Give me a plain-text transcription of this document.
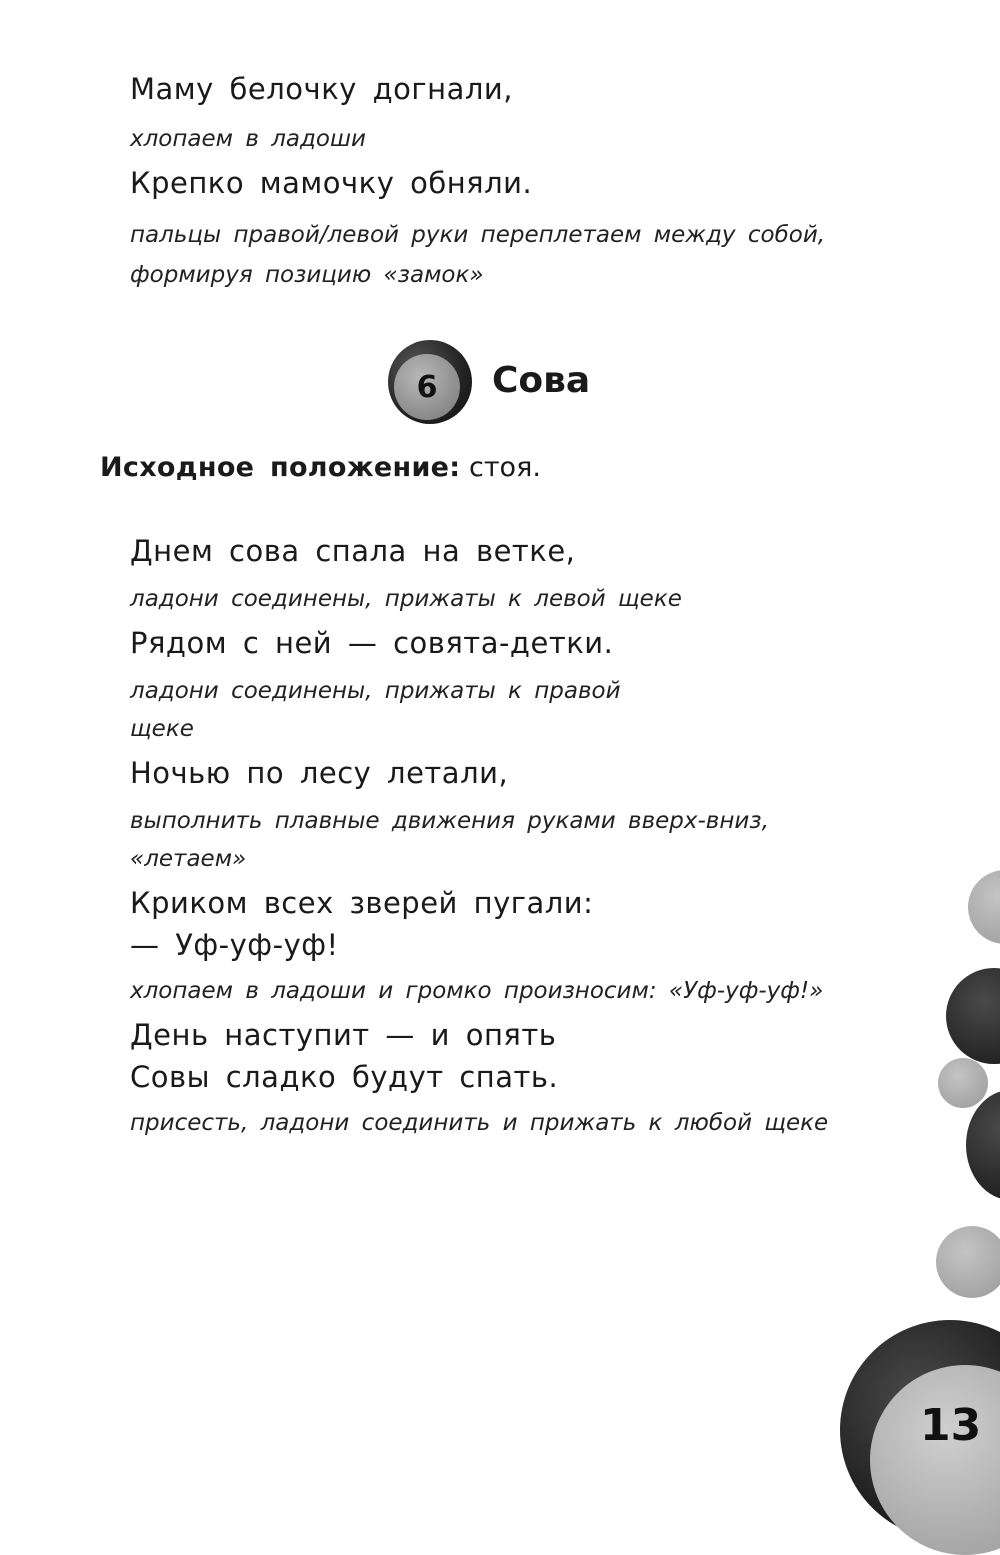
Маму белочку догнали,
хлопаем в ладоши
Крепко мамочку обняли.
пальцы правой/левой руки переплетаем между собой,
формируя позицию «замок»
6	Сова
Исходное положение: стоя.
Днем сова спала на ветке,
ладони соединены, прижаты к левой щеке
Рядом с ней — совята-детки.
ладони соединены, прижаты к правой
щеке
Ночью по лесу летали,
выполнить плавные движения руками вверх-вниз,
«летаем»
Криком всех зверей пугали:
— Уф-уф-уф!
хлопаем в ладоши и громко произносим: «Уф-уф-уф!»
День наступит — и опять
Совы сладко будут спать.
присесть, ладони соединить и прижать к любой щеке
13
